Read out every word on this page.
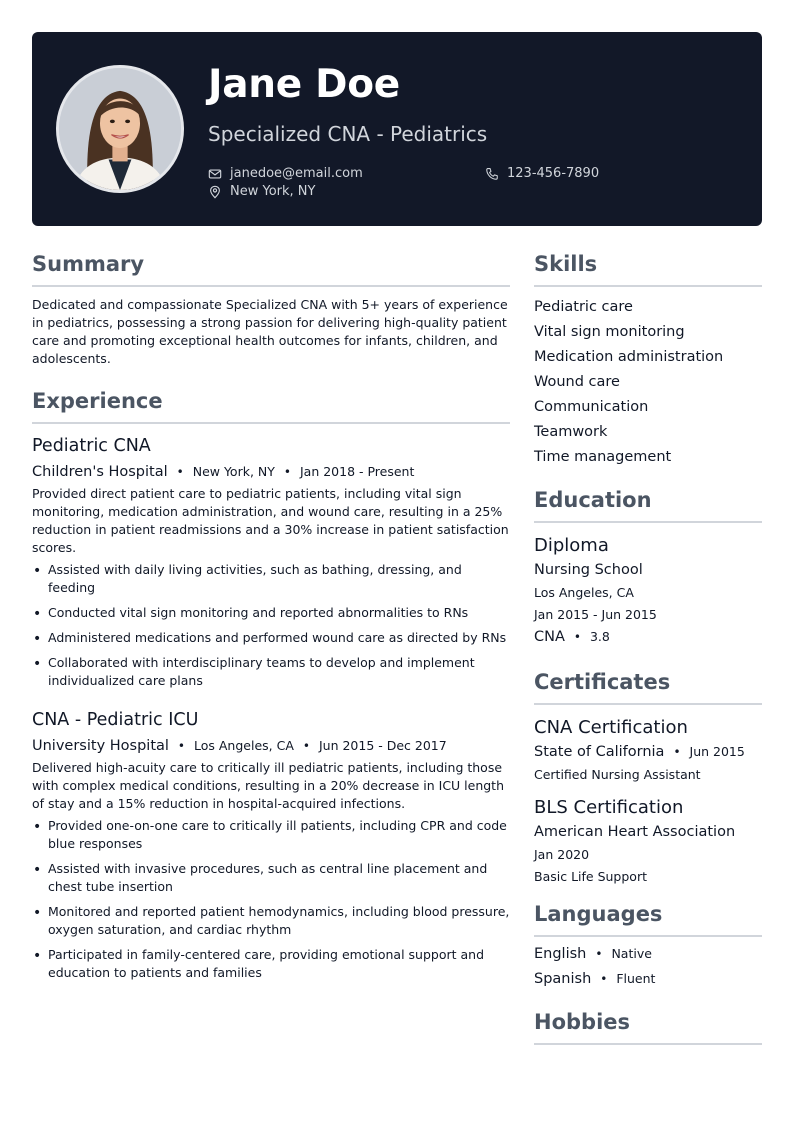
Jane Doe
Specialized CNA - Pediatrics
janedoe@email.com	123-456-7890
New York, NY
Summary

Dedicated and compassionate Specialized CNA with 5+ years of experience in pediatrics, possessing a strong passion for delivering high-quality patient care and promoting exceptional health outcomes for infants, children, and adolescents.

Experience
Pediatric CNA
Children's Hospital • New York, NY • Jan 2018 - Present

Provided direct patient care to pediatric patients, including vital sign monitoring, medication administration, and wound care, resulting in a 25% reduction in patient readmissions and a 30% increase in patient satisfaction scores.

• Assisted with daily living activities, such as bathing, dressing, and feeding
• Conducted vital sign monitoring and reported abnormalities to RNs
• Administered medications and performed wound care as directed by RNs
• Collaborated with interdisciplinary teams to develop and implement individualized care plans
CNA - Pediatric ICU
University Hospital • Los Angeles, CA • Jun 2015 - Dec 2017

Delivered high-acuity care to critically ill pediatric patients, including those with complex medical conditions, resulting in a 20% decrease in ICU length of stay and a 15% reduction in hospital-acquired infections.

• Provided one-on-one care to critically ill patients, including CPR and code blue responses
• Assisted with invasive procedures, such as central line placement and chest tube insertion
• Monitored and reported patient hemodynamics, including blood pressure, oxygen saturation, and cardiac rhythm
• Participated in family-centered care, providing emotional support and education to patients and families
Skills
Pediatric care
Vital sign monitoring
Medication administration
Wound care
Communication
Teamwork
Time management
Education
Diploma
Nursing School
Los Angeles, CA
Jan 2015 - Jun 2015
CNA • 3.8
Certificates
CNA Certification
State of California • Jun 2015
Certified Nursing Assistant
BLS Certification
American Heart Association
Jan 2020
Basic Life Support
Languages
English • Native
Spanish • Fluent
Hobbies
